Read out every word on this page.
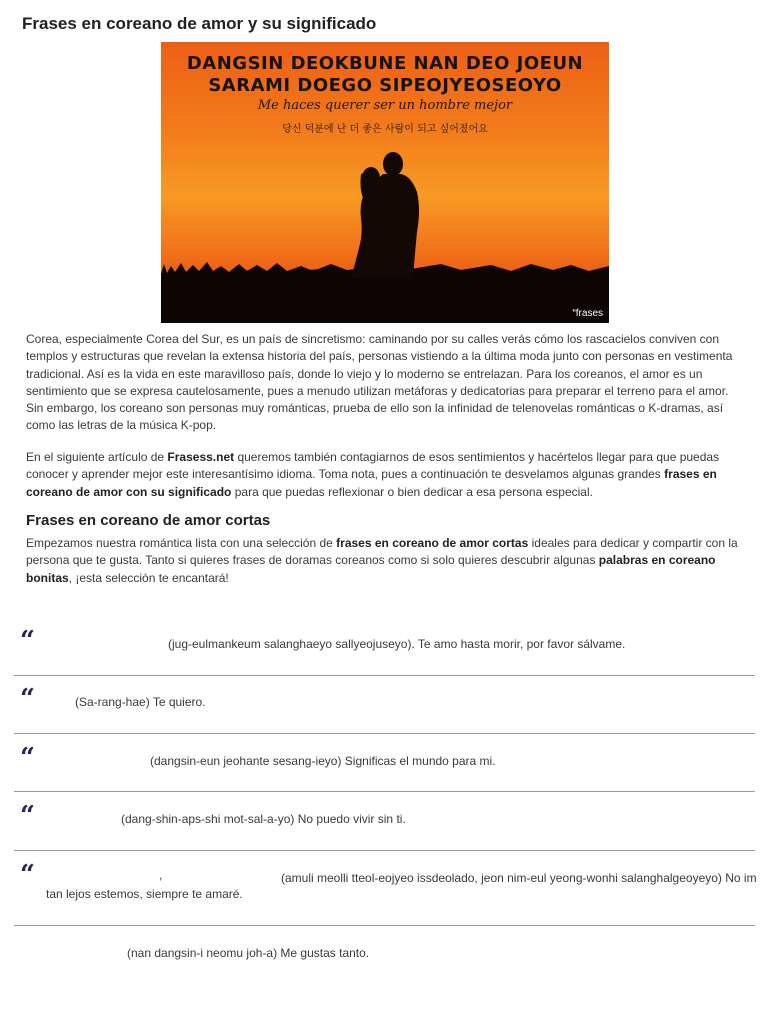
Frases en coreano de amor y su significado

DANGSIN DEOKBUNE NAN DEO JOEUN

SARAMI DOEGO SIPEOJYEOSEOYO

Me haces querer ser un hombre mejor
당신 덕분에 난 더 좋은 사람이 되고 싶어졌어요
“frases

Corea, especialmente Corea del Sur, es un país de sincretismo: caminando por su calles verás cómo los rascacielos conviven con templos y estructuras que revelan la extensa historia del país, personas vistiendo a la última moda junto con personas en vestimenta tradicional. Así es la vida en este maravilloso país, donde lo viejo y lo moderno se entrelazan. Para los coreanos, el amor es un sentimiento que se expresa cautelosamente, pues a menudo utilizan metáforas y dedicatorias para preparar el terreno para el amor. Sin embargo, los coreano son personas muy románticas, prueba de ello son la infinidad de telenovelas románticas o K-dramas, así como las letras de la música K-pop.

En el siguiente artículo de Frasess.net queremos también contagiarnos de esos sentimientos y hacértelos llegar para que puedas conocer y aprender mejor este interesantísimo idioma. Toma nota, pues a continuación te desvelamos algunas grandes frases en coreano de amor con su significado para que puedas reflexionar o bien dedicar a esa persona especial.

Frases en coreano de amor cortas

Empezamos nuestra romántica lista con una selección de frases en coreano de amor cortas ideales para dedicar y compartir con la persona que te gusta. Tanto si quieres frases de doramas coreanos como si solo quieres descubrir algunas palabras en coreano bonitas, ¡esta selección te encantará!

“	(jug-eulmankeum salanghaeyo sallyeojuseyo). Te amo hasta morir, por favor sálvame.
“	(Sa-rang-hae) Te quiero.
“	(dangsin-eun jeohante sesang-ieyo) Significas el mundo para mi.
“	(dang-shin-aps-shi mot-sal-a-yo) No puedo vivir sin ti.
“	,	(amuli meolli tteol-eojyeo issdeolado, jeon nim-eul yeong-wonhi salanghalgeoyeyo) No im
tan lejos estemos, siempre te amaré.
(nan dangsin-i neomu joh-a) Me gustas tanto.
